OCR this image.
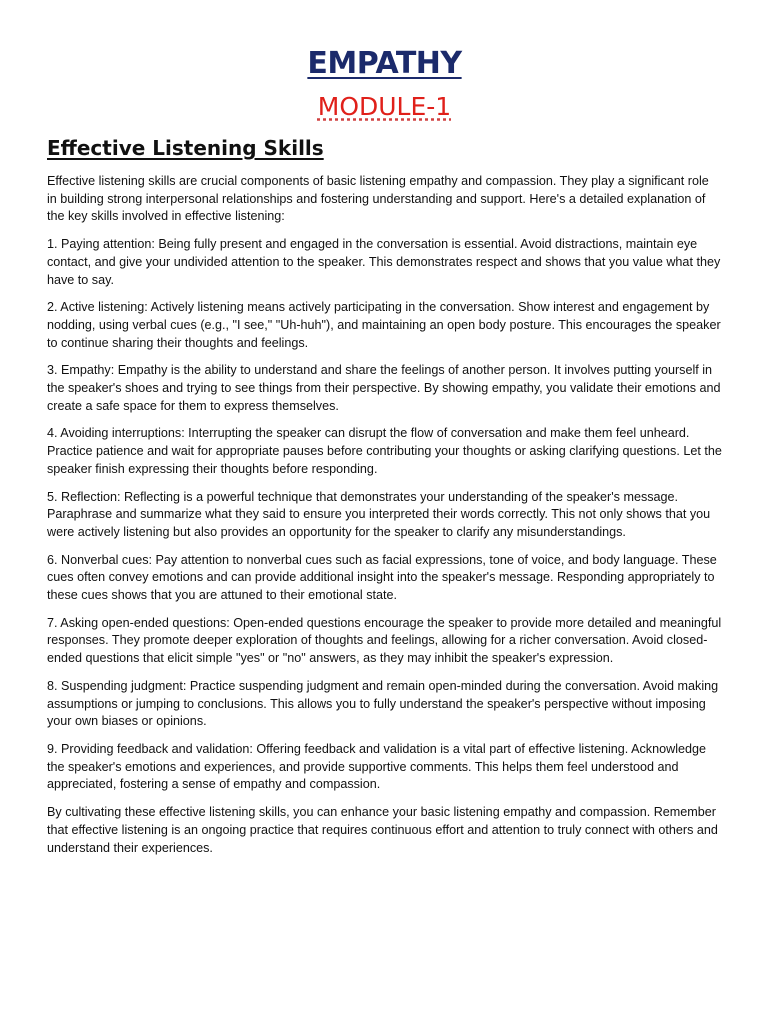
EMPATHY
MODULE-1
Effective Listening Skills

Effective listening skills are crucial components of basic listening empathy and compassion. They play a significant role in building strong interpersonal relationships and fostering understanding and support. Here's a detailed explanation of the key skills involved in effective listening:

1. Paying attention: Being fully present and engaged in the conversation is essential. Avoid distractions, maintain eye contact, and give your undivided attention to the speaker. This demonstrates respect and shows that you value what they have to say.

2. Active listening: Actively listening means actively participating in the conversation. Show interest and engagement by nodding, using verbal cues (e.g., "I see," "Uh-huh"), and maintaining an open body posture. This encourages the speaker to continue sharing their thoughts and feelings.

3. Empathy: Empathy is the ability to understand and share the feelings of another person. It involves putting yourself in the speaker's shoes and trying to see things from their perspective. By showing empathy, you validate their emotions and create a safe space for them to express themselves.

4. Avoiding interruptions: Interrupting the speaker can disrupt the flow of conversation and make them feel unheard. Practice patience and wait for appropriate pauses before contributing your thoughts or asking clarifying questions. Let the speaker finish expressing their thoughts before responding.

5. Reflection: Reflecting is a powerful technique that demonstrates your understanding of the speaker's message. Paraphrase and summarize what they said to ensure you interpreted their words correctly. This not only shows that you were actively listening but also provides an opportunity for the speaker to clarify any misunderstandings.

6. Nonverbal cues: Pay attention to nonverbal cues such as facial expressions, tone of voice, and body language. These cues often convey emotions and can provide additional insight into the speaker's message. Responding appropriately to these cues shows that you are attuned to their emotional state.

7. Asking open-ended questions: Open-ended questions encourage the speaker to provide more detailed and meaningful responses. They promote deeper exploration of thoughts and feelings, allowing for a richer conversation. Avoid closed-ended questions that elicit simple "yes" or "no" answers, as they may inhibit the speaker's expression.

8. Suspending judgment: Practice suspending judgment and remain open-minded during the conversation. Avoid making assumptions or jumping to conclusions. This allows you to fully understand the speaker's perspective without imposing your own biases or opinions.

9. Providing feedback and validation: Offering feedback and validation is a vital part of effective listening. Acknowledge the speaker's emotions and experiences, and provide supportive comments. This helps them feel understood and appreciated, fostering a sense of empathy and compassion.

By cultivating these effective listening skills, you can enhance your basic listening empathy and compassion. Remember that effective listening is an ongoing practice that requires continuous effort and attention to truly connect with others and understand their experiences.
